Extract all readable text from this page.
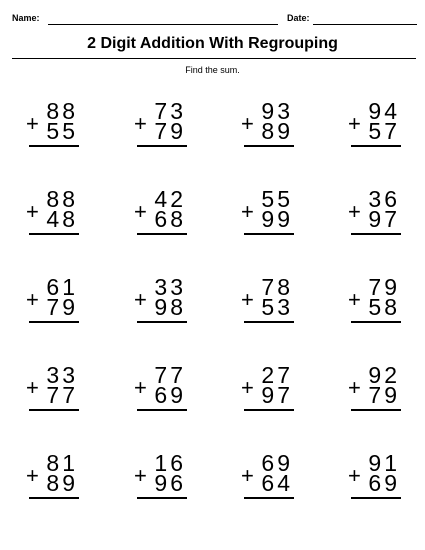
Name:	Date:
2 Digit Addition With Regrouping
Find the sum.
+ 88
55	+ 73
79	+ 93
89	+ 94
57
+ 88
48	+ 42
68	+ 55
99	+ 36
97
+ 61
79	+ 33
98	+ 78
53	+ 79
58
+ 33
77	+ 77
69	+ 27
97	+ 92
79
+ 81
89	+ 16
96	+ 69
64	+ 91
69
